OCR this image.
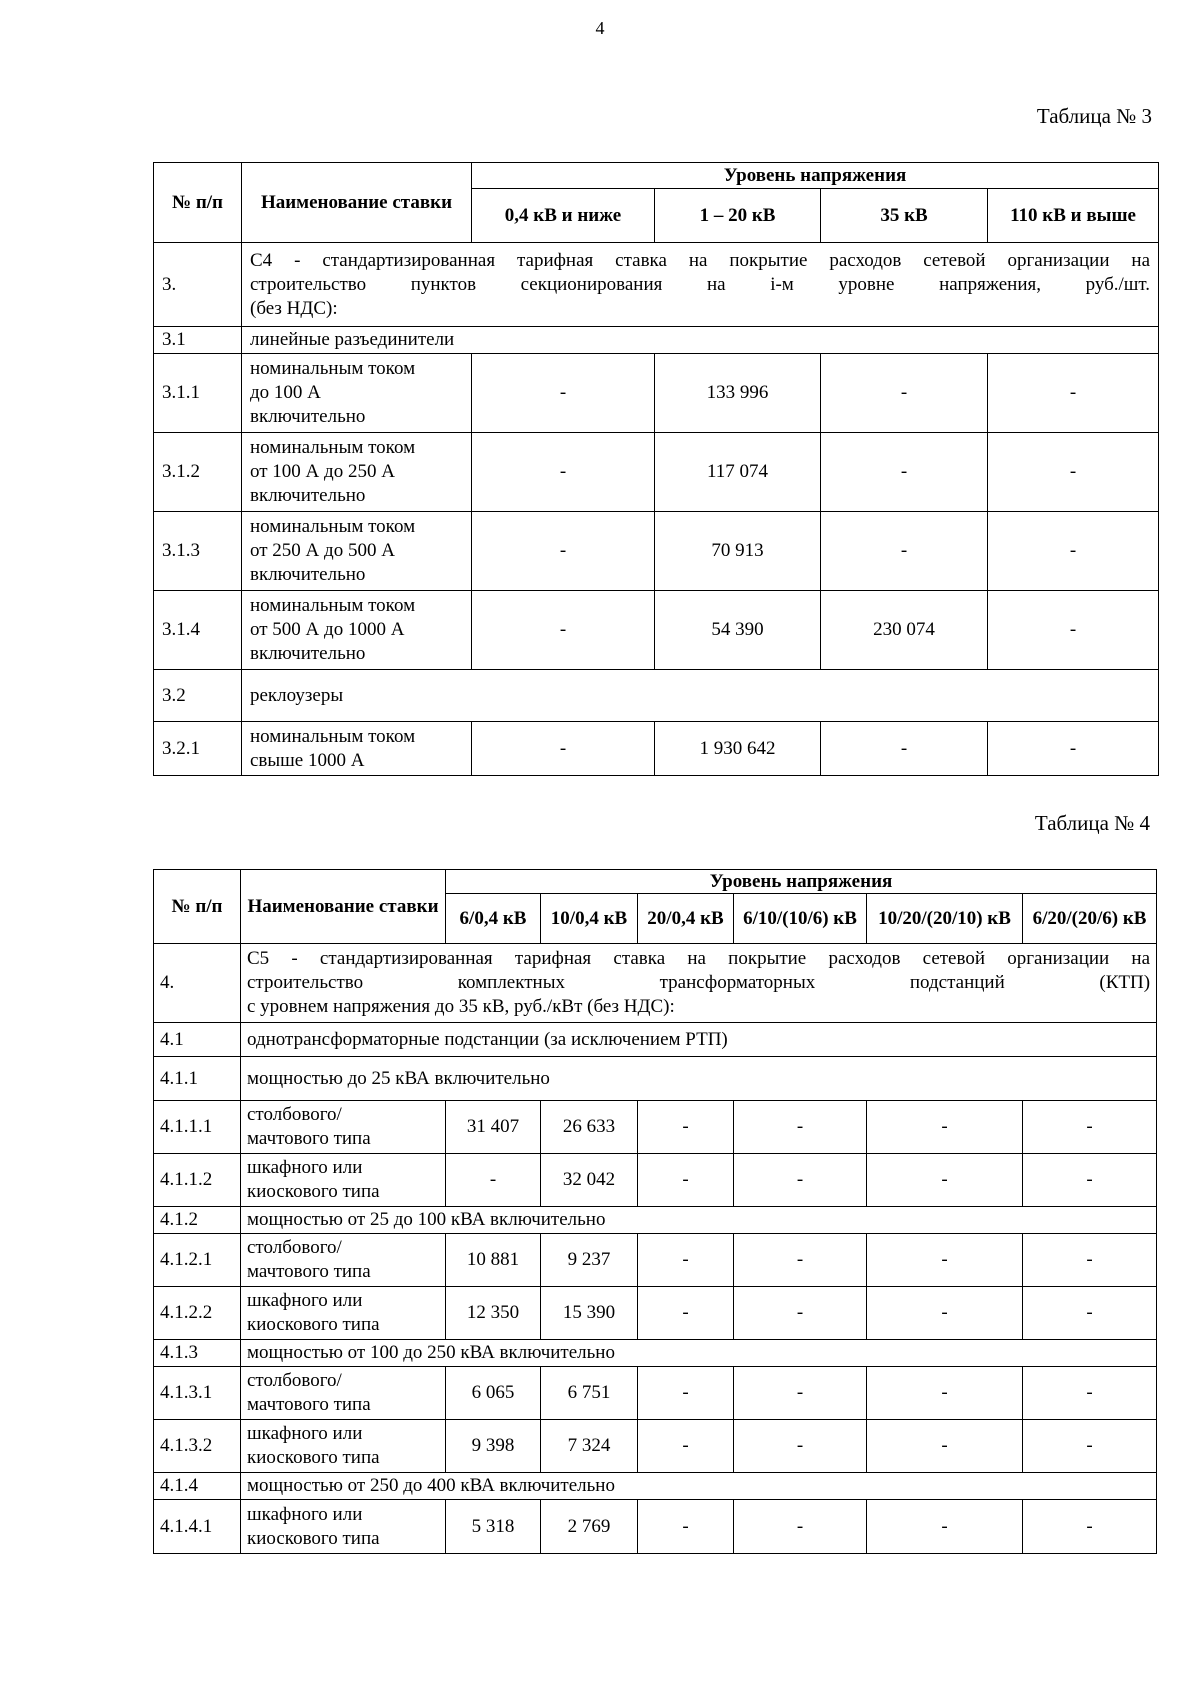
4
Таблица № 3
№ п/п	Наименование ставки	Уровень напряжения			
		0,4 кВ и ниже	1 – 20 кВ	35 кВ	110 кВ и выше
3.	С4 - стандартизированная тарифная ставка на покрытие расходов сетевой организации на
строительство пунктов секционирования на i-м уровне напряжения, руб./шт.
(без НДС):				

3.1	линейные разъединители				
3.1.1	номинальным током
до 100 А
включительно	-	133 996	-	-
3.1.2	номинальным током
от 100 А до 250 А
включительно	-	117 074	-	-
3.1.3	номинальным током
от 250 А до 500 А
включительно	-	70 913	-	-
3.1.4	номинальным током
от 500 А до 1000 А
включительно	-	54 390	230 074	-
3.2	реклоузеры				
3.2.1	номинальным током
свыше 1000 А	-	1 930 642	-	-
Таблица № 4
№ п/п	Наименование ставки	Уровень напряжения					
		6/0,4 кВ	10/0,4 кВ	20/0,4 кВ	6/10/(10/6) кВ	10/20/(20/10) кВ	6/20/(20/6) кВ
4.	С5 - стандартизированная тарифная ставка на покрытие расходов сетевой организации на
строительство комплектных трансформаторных подстанций (КТП)
с уровнем напряжения до 35 кВ, руб./кВт (без НДС):						

4.1	однотрансформаторные подстанции (за исключением РТП)						
4.1.1	мощностью до 25 кВА включительно						
4.1.1.1	столбового/
мачтового типа	31 407	26 633	-	-	-	-
4.1.1.2	шкафного или
киоскового типа	-	32 042	-	-	-	-
4.1.2	мощностью от 25 до 100 кВА включительно						
4.1.2.1	столбового/
мачтового типа	10 881	9 237	-	-	-	-
4.1.2.2	шкафного или
киоскового типа	12 350	15 390	-	-	-	-
4.1.3	мощностью от 100 до 250 кВА включительно						
4.1.3.1	столбового/
мачтового типа	6 065	6 751	-	-	-	-
4.1.3.2	шкафного или
киоскового типа	9 398	7 324	-	-	-	-
4.1.4	мощностью от 250 до 400 кВА включительно						
4.1.4.1	шкафного или
киоскового типа	5 318	2 769	-	-	-	-
